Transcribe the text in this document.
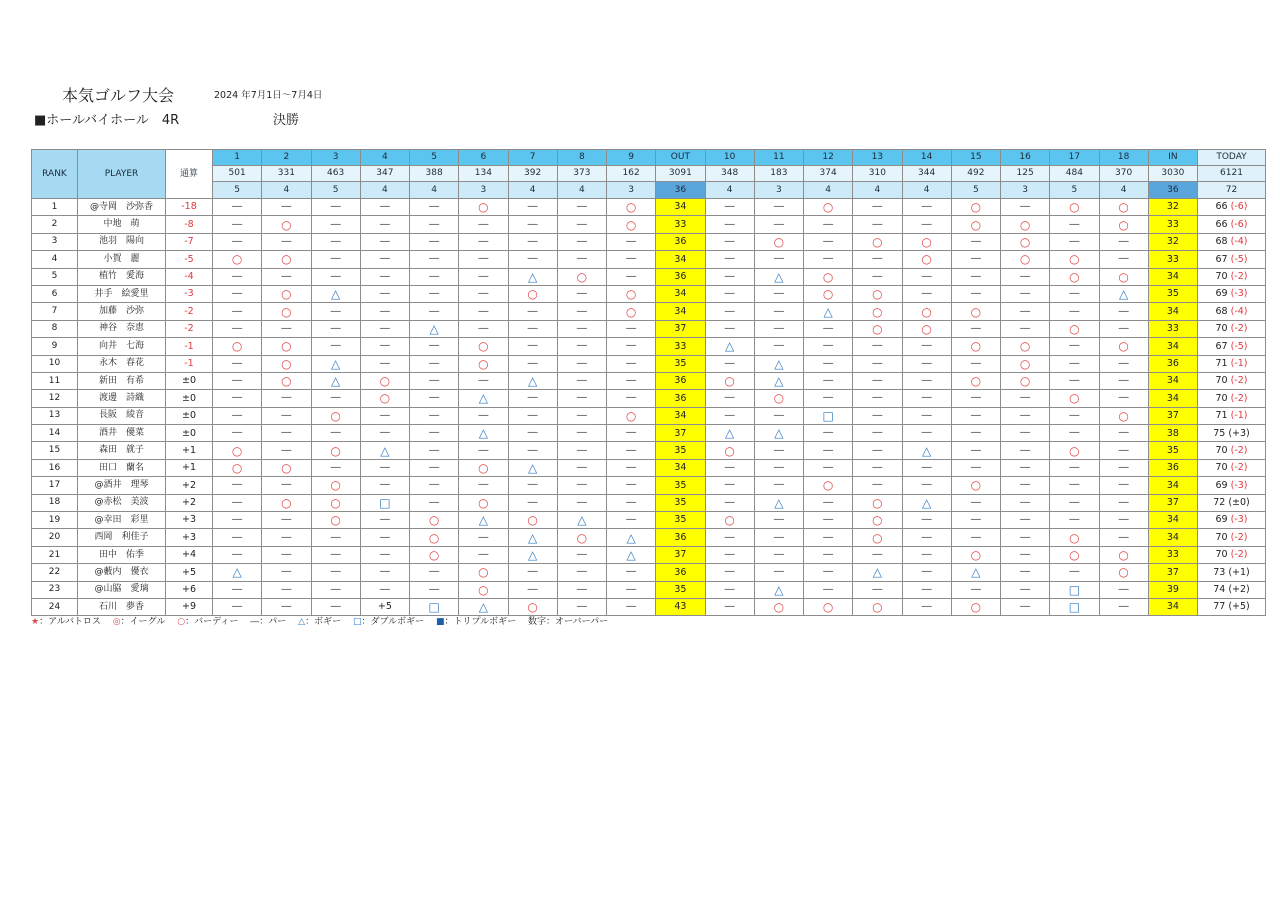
本気ゴルフ大会	2024 年7月1日～7月4日
■ホールバイホール　4R	決勝
RANK	PLAYER	通算	1	2	3	4	5	6	7	8	9	OUT	10	11	12	13	14	15	16	17	18	IN	TODAY
			501	331	463	347	388	134	392	373	162	3091	348	183	374	310	344	492	125	484	370	3030	6121
			5	4	5	4	4	3	4	4	3	36	4	3	4	4	4	5	3	5	4	36	72
1	@寺岡　沙弥香	-18	―	―	―	―	―	○	―	―	○	34	―	―	○	―	―	○	―	○	○	32	66 (-6)
2	中地　萌	-8	―	○	―	―	―	―	―	―	○	33	―	―	―	―	―	○	○	―	○	33	66 (-6)
3	池羽　陽向	-7	―	―	―	―	―	―	―	―	―	36	―	○	―	○	○	―	○	―	―	32	68 (-4)
4	小賀　麗	-5	○	○	―	―	―	―	―	―	―	34	―	―	―	―	○	―	○	○	―	33	67 (-5)
5	植竹　愛海	-4	―	―	―	―	―	―	△	○	―	36	―	△	○	―	―	―	―	○	○	34	70 (-2)
6	井手　絵愛里	-3	―	○	△	―	―	―	○	―	○	34	―	―	○	○	―	―	―	―	△	35	69 (-3)
7	加藤　沙弥	-2	―	○	―	―	―	―	―	―	○	34	―	―	△	○	○	○	―	―	―	34	68 (-4)
8	神谷　奈恵	-2	―	―	―	―	△	―	―	―	―	37	―	―	―	○	○	―	―	○	―	33	70 (-2)
9	向井　七海	-1	○	○	―	―	―	○	―	―	―	33	△	―	―	―	―	○	○	―	○	34	67 (-5)
10	永木　春花	-1	―	○	△	―	―	○	―	―	―	35	―	△	―	―	―	―	○	―	―	36	71 (-1)
11	新田　有希	±0	―	○	△	○	―	―	△	―	―	36	○	△	―	―	―	○	○	―	―	34	70 (-2)
12	渡邊　詩織	±0	―	―	―	○	―	△	―	―	―	36	―	○	―	―	―	―	―	○	―	34	70 (-2)
13	長阪　綾音	±0	―	―	○	―	―	―	―	―	○	34	―	―	□	―	―	―	―	―	○	37	71 (-1)
14	酒井　優菜	±0	―	―	―	―	―	△	―	―	―	37	△	△	―	―	―	―	―	―	―	38	75 (+3)
15	森田　就子	+1	○	―	○	△	―	―	―	―	―	35	○	―	―	―	△	―	―	○	―	35	70 (-2)
16	田口　蘭名	+1	○	○	―	―	―	○	△	―	―	34	―	―	―	―	―	―	―	―	―	36	70 (-2)
17	@酒井　理琴	+2	―	―	○	―	―	―	―	―	―	35	―	―	○	―	―	○	―	―	―	34	69 (-3)
18	@赤松　美波	+2	―	○	○	□	―	○	―	―	―	35	―	△	―	○	△	―	―	―	―	37	72 (±0)
19	@幸田　彩里	+3	―	―	○	―	○	△	○	△	―	35	○	―	―	○	―	―	―	―	―	34	69 (-3)
20	西岡　利佳子	+3	―	―	―	―	○	―	△	○	△	36	―	―	―	○	―	―	―	○	―	34	70 (-2)
21	田中　佑季	+4	―	―	―	―	○	―	△	―	△	37	―	―	―	―	―	○	―	○	○	33	70 (-2)
22	@藪内　優衣	+5	△	―	―	―	―	○	―	―	―	36	―	―	―	△	―	△	―	―	○	37	73 (+1)
23	@山脇　愛璃	+6	―	―	―	―	―	○	―	―	―	35	―	△	―	―	―	―	―	□	―	39	74 (+2)
24	石川　夢香	+9	―	―	―	+5	□	△	○	―	―	43	―	○	○	○	―	○	―	□	―	34	77 (+5)
★：アルバトロス ◎：イーグル ○：バーディー ―：パー △：ボギー □：ダブルボギー ■：トリプルボギー 数字：オーバーパー
